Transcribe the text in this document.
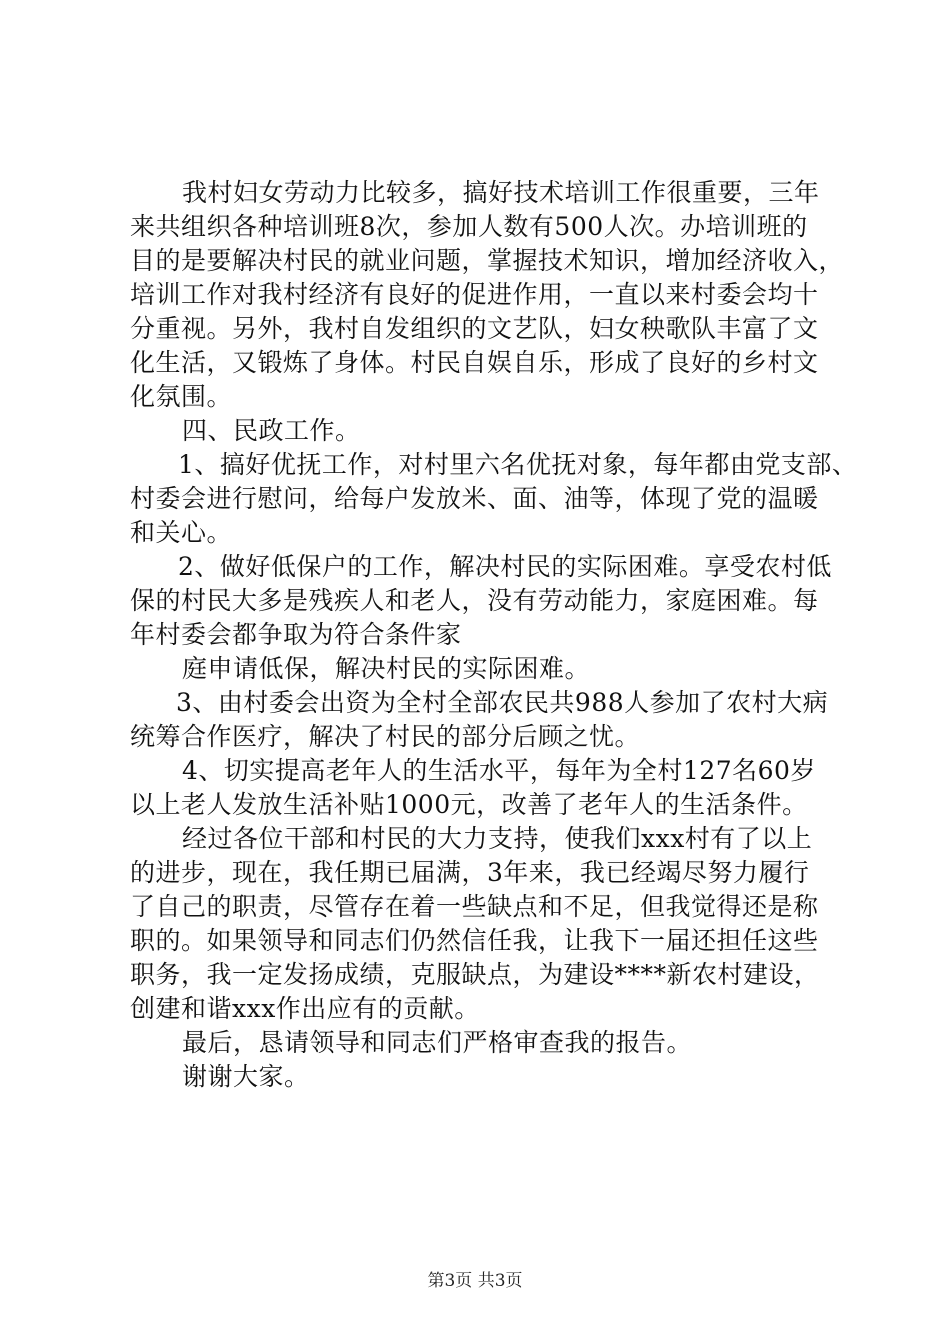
我村妇女劳动力比较多，搞好技术培训工作很重要，三年
来共组织各种培训班8次，参加人数有500人次。办培训班的
目的是要解决村民的就业问题，掌握技术知识，增加经济收入，
培训工作对我村经济有良好的促进作用，一直以来村委会均十
分重视。另外，我村自发组织的文艺队，妇女秧歌队丰富了文
化生活，又锻炼了身体。村民自娱自乐，形成了良好的乡村文
化氛围。
四、民政工作。
1、搞好优抚工作，对村里六名优抚对象，每年都由党支部、
村委会进行慰问，给每户发放米、面、油等，体现了党的温暖
和关心。
2、做好低保户的工作，解决村民的实际困难。享受农村低
保的村民大多是残疾人和老人，没有劳动能力，家庭困难。每
年村委会都争取为符合条件家
庭申请低保，解决村民的实际困难。
3、由村委会出资为全村全部农民共988人参加了农村大病
统筹合作医疗，解决了村民的部分后顾之忧。
4、切实提高老年人的生活水平，每年为全村127名60岁
以上老人发放生活补贴1000元，改善了老年人的生活条件。
经过各位干部和村民的大力支持，使我们xxx村有了以上
的进步，现在，我任期已届满，3年来，我已经竭尽努力履行
了自己的职责，尽管存在着一些缺点和不足，但我觉得还是称
职的。如果领导和同志们仍然信任我，让我下一届还担任这些
职务，我一定发扬成绩，克服缺点，为建设****新农村建设，
创建和谐xxx作出应有的贡献。
最后，恳请领导和同志们严格审查我的报告。
谢谢大家。
第3页 共3页
